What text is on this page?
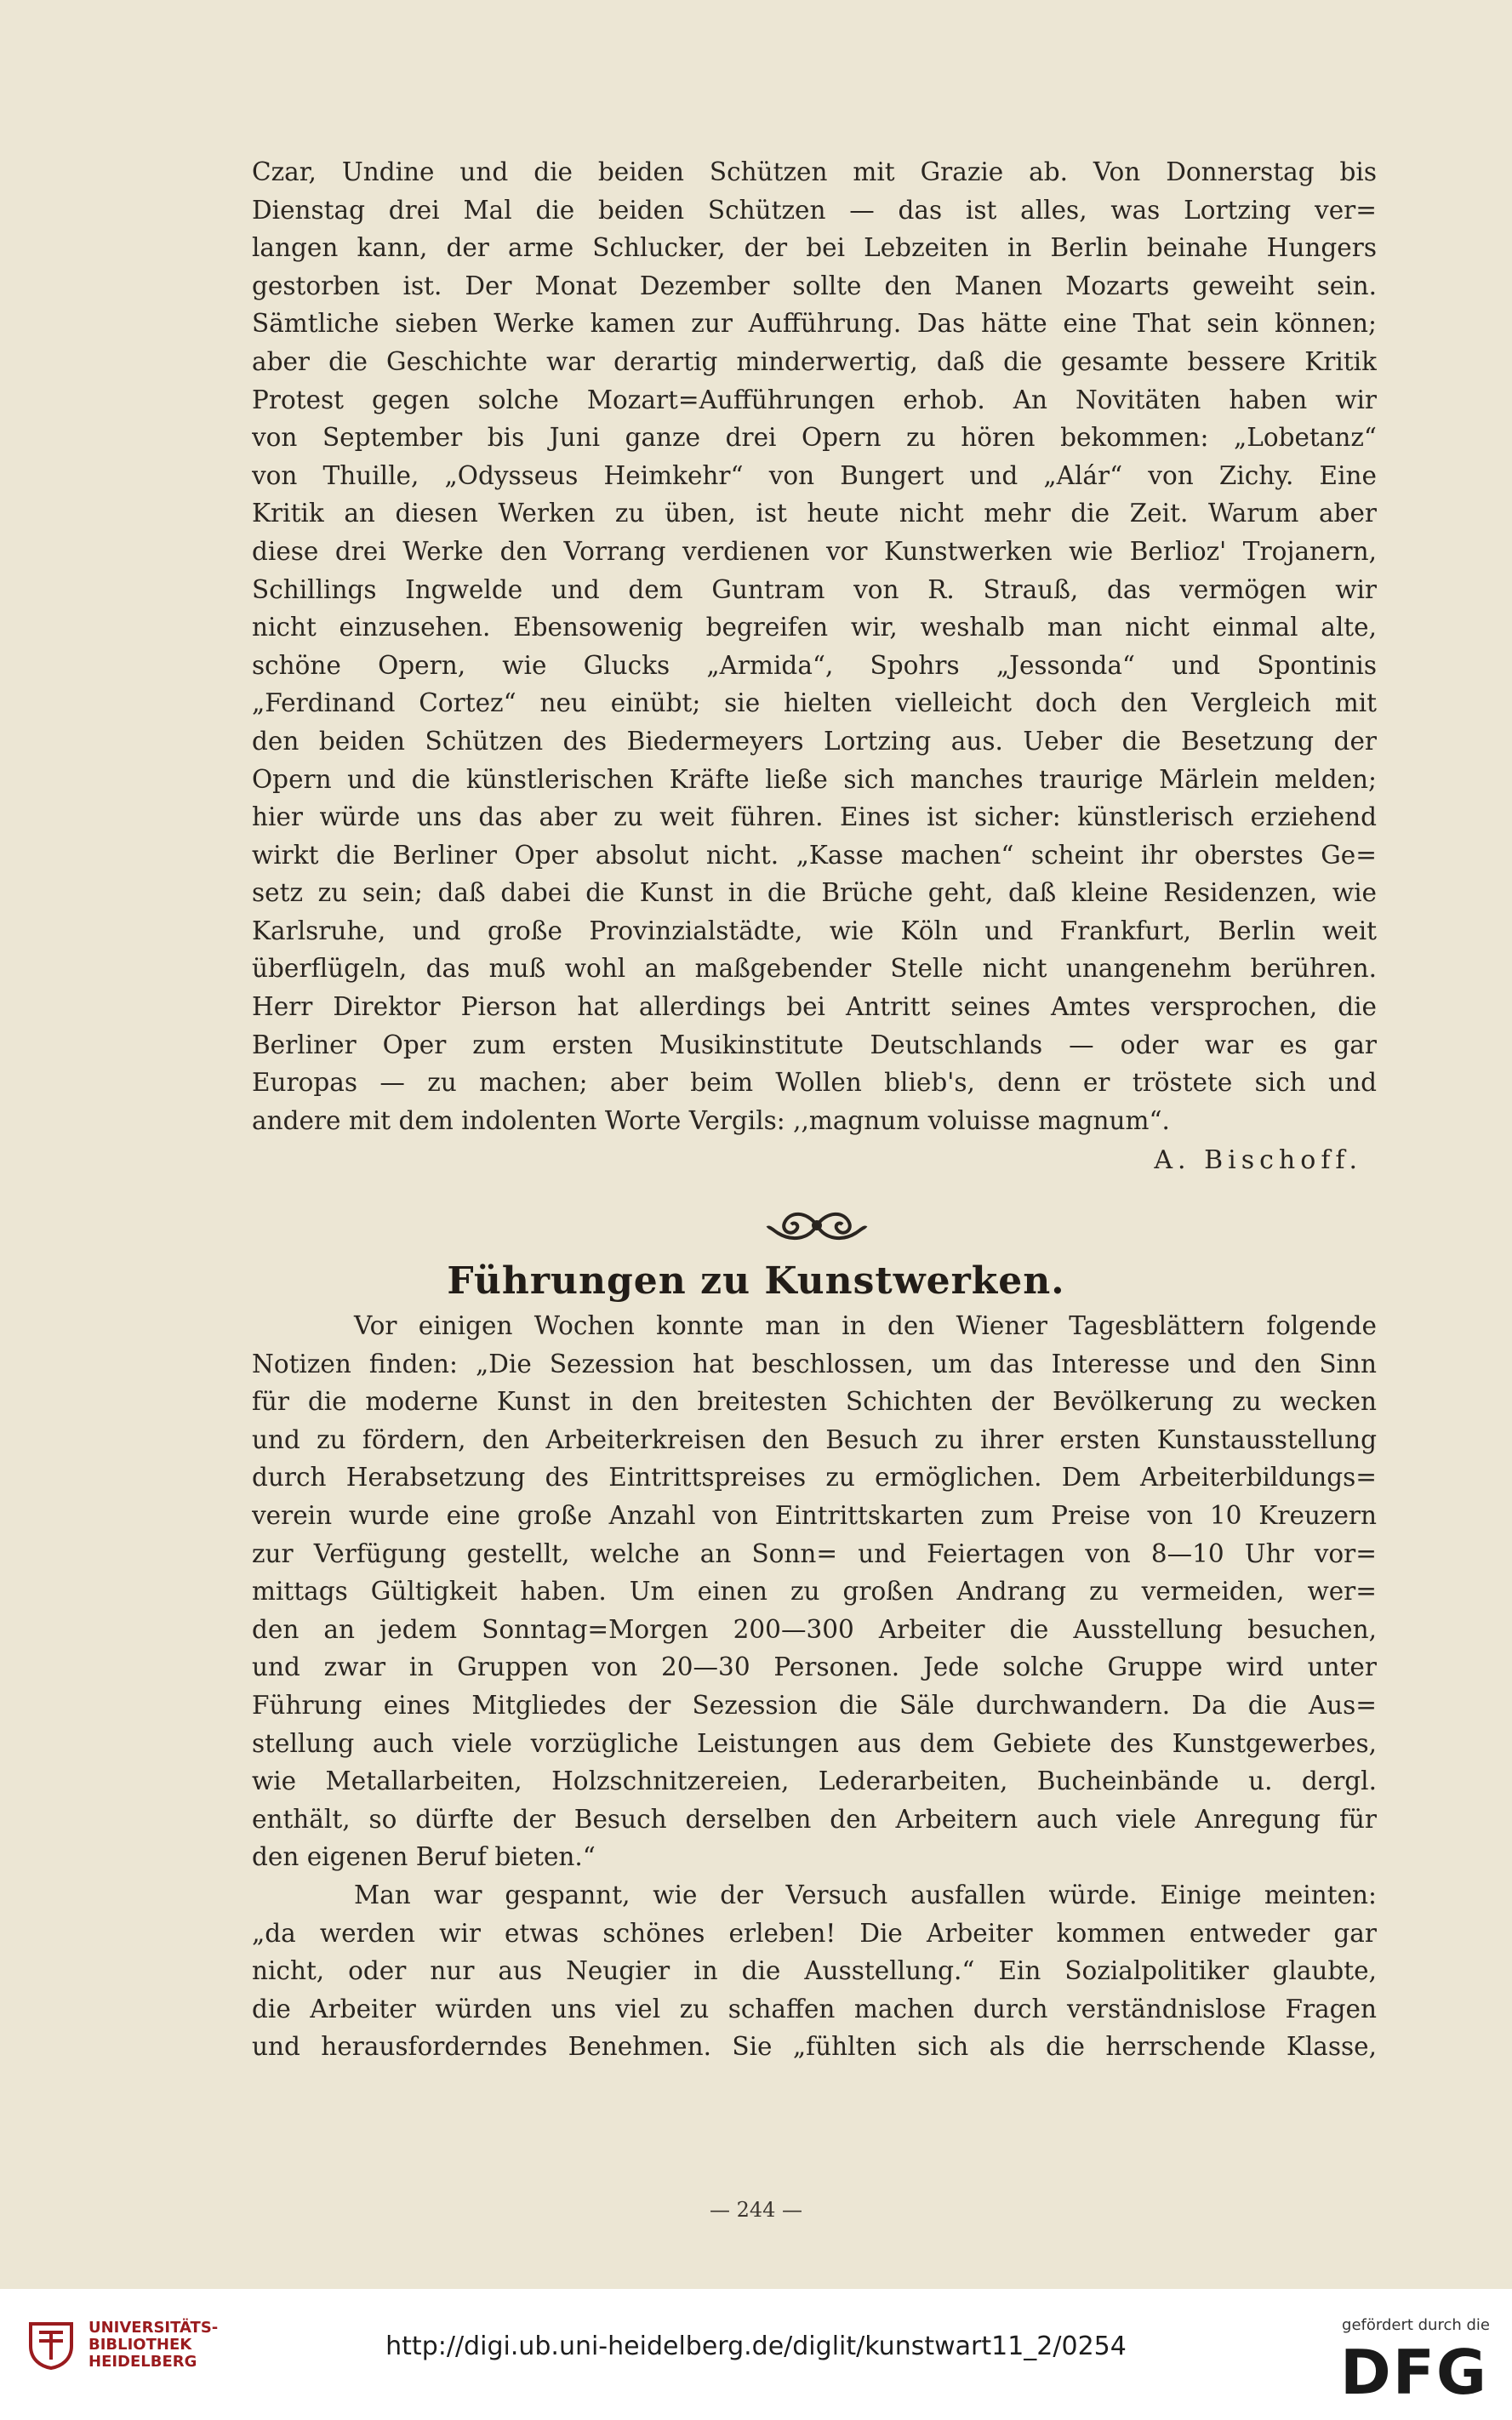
Czar, Undine und die beiden Schützen mit Grazie ab. Von Donnerstag bis
Dienstag drei Mal die beiden Schützen — das ist alles, was Lortzing ver=
langen kann, der arme Schlucker, der bei Lebzeiten in Berlin beinahe Hungers
gestorben ist. Der Monat Dezember sollte den Manen Mozarts geweiht sein.
Sämtliche sieben Werke kamen zur Aufführung. Das hätte eine That sein können;
aber die Geschichte war derartig minderwertig, daß die gesamte bessere Kritik
Protest gegen solche Mozart=Aufführungen erhob. An Novitäten haben wir
von September bis Juni ganze drei Opern zu hören bekommen: „Lobetanz“
von Thuille, „Odysseus Heimkehr“ von Bungert und „Alár“ von Zichy. Eine
Kritik an diesen Werken zu üben, ist heute nicht mehr die Zeit. Warum aber
diese drei Werke den Vorrang verdienen vor Kunstwerken wie Berlioz' Trojanern,
Schillings Ingwelde und dem Guntram von R. Strauß, das vermögen wir
nicht einzusehen. Ebensowenig begreifen wir, weshalb man nicht einmal alte,
schöne Opern, wie Glucks „Armida“, Spohrs „Jessonda“ und Spontinis
„Ferdinand Cortez“ neu einübt; sie hielten vielleicht doch den Vergleich mit
den beiden Schützen des Biedermeyers Lortzing aus. Ueber die Besetzung der
Opern und die künstlerischen Kräfte ließe sich manches traurige Märlein melden;
hier würde uns das aber zu weit führen. Eines ist sicher: künstlerisch erziehend
wirkt die Berliner Oper absolut nicht. „Kasse machen“ scheint ihr oberstes Ge=
setz zu sein; daß dabei die Kunst in die Brüche geht, daß kleine Residenzen, wie
Karlsruhe, und große Provinzialstädte, wie Köln und Frankfurt, Berlin weit
überflügeln, das muß wohl an maßgebender Stelle nicht unangenehm berühren.
Herr Direktor Pierson hat allerdings bei Antritt seines Amtes versprochen, die
Berliner Oper zum ersten Musikinstitute Deutschlands — oder war es gar
Europas — zu machen; aber beim Wollen blieb's, denn er tröstete sich und
andere mit dem indolenten Worte Vergils: ,,magnum voluisse magnum“.
A. Bischoff.
Führungen zu Kunstwerken.
Vor einigen Wochen konnte man in den Wiener Tagesblättern folgende
Notizen finden: „Die Sezession hat beschlossen, um das Interesse und den Sinn
für die moderne Kunst in den breitesten Schichten der Bevölkerung zu wecken
und zu fördern, den Arbeiterkreisen den Besuch zu ihrer ersten Kunstausstellung
durch Herabsetzung des Eintrittspreises zu ermöglichen. Dem Arbeiterbildungs=
verein wurde eine große Anzahl von Eintrittskarten zum Preise von 10 Kreuzern
zur Verfügung gestellt, welche an Sonn= und Feiertagen von 8—10 Uhr vor=
mittags Gültigkeit haben. Um einen zu großen Andrang zu vermeiden, wer=
den an jedem Sonntag=Morgen 200—300 Arbeiter die Ausstellung besuchen,
und zwar in Gruppen von 20—30 Personen. Jede solche Gruppe wird unter
Führung eines Mitgliedes der Sezession die Säle durchwandern. Da die Aus=
stellung auch viele vorzügliche Leistungen aus dem Gebiete des Kunstgewerbes,
wie Metallarbeiten, Holzschnitzereien, Lederarbeiten, Bucheinbände u. dergl.
enthält, so dürfte der Besuch derselben den Arbeitern auch viele Anregung für
den eigenen Beruf bieten.“
Man war gespannt, wie der Versuch ausfallen würde. Einige meinten:
„da werden wir etwas schönes erleben! Die Arbeiter kommen entweder gar
nicht, oder nur aus Neugier in die Ausstellung.“ Ein Sozialpolitiker glaubte,
die Arbeiter würden uns viel zu schaffen machen durch verständnislose Fragen
und herausforderndes Benehmen. Sie „fühlten sich als die herrschende Klasse,
— 244 —
UNIVERSITÄTS-
BIBLIOTHEK
HEIDELBERG
http://digi.ub.uni-heidelberg.de/diglit/kunstwart11_2/0254
gefördert durch die
DFG
